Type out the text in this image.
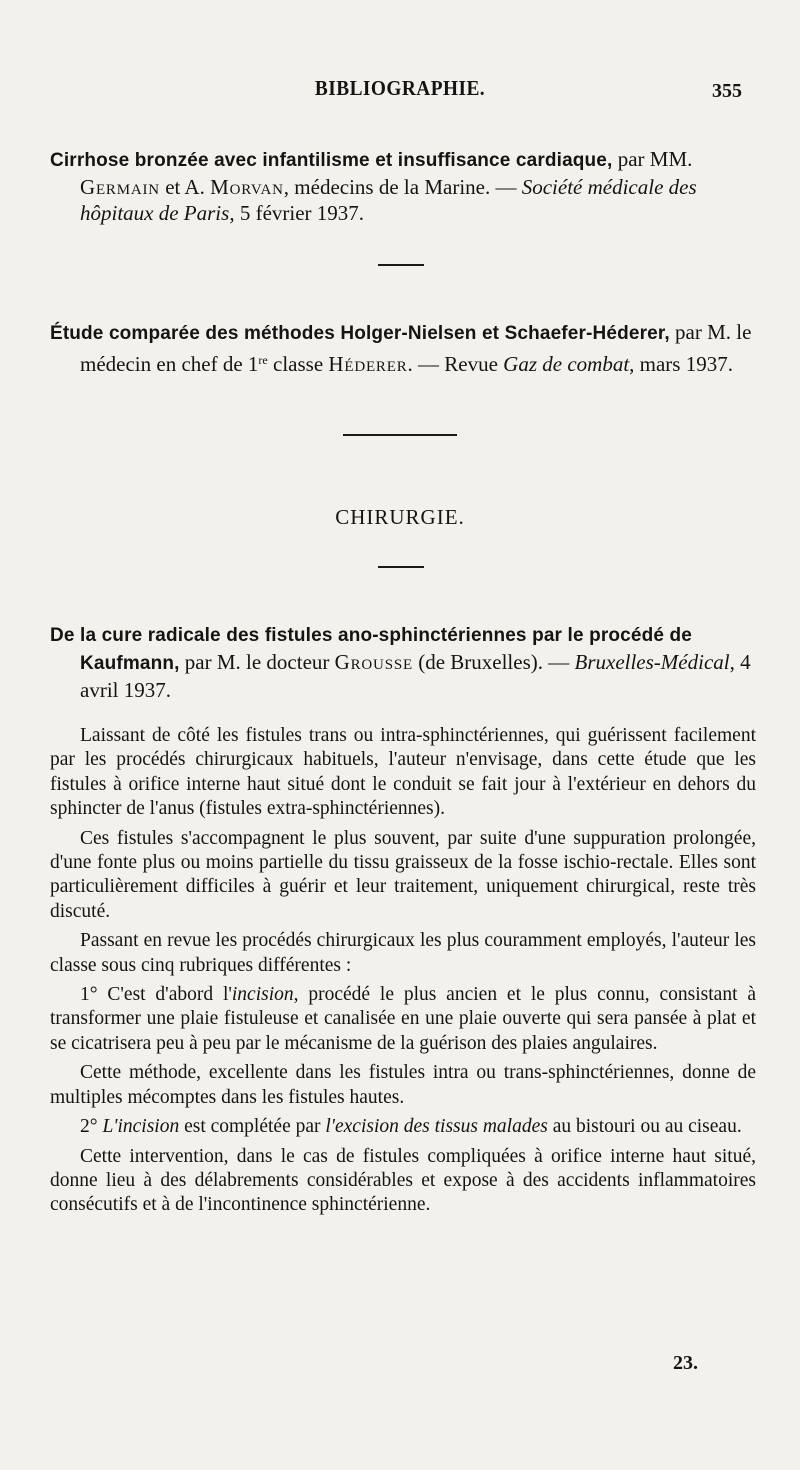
BIBLIOGRAPHIE.	355

Cirrhose bronzée avec infantilisme et insuffisance cardiaque, par MM. Germain et A. Morvan, médecins de la Marine. — Société médicale des hôpitaux de Paris, 5 février 1937.

Étude comparée des méthodes Holger-Nielsen et Schaefer-Héderer, par M. le médecin en chef de 1re classe Héderer. — Revue Gaz de combat, mars 1937.

CHIRURGIE.

De la cure radicale des fistules ano-sphinctériennes par le procédé de Kaufmann, par M. le docteur Grousse (de Bruxelles). — Bruxelles-Médical, 4 avril 1937.

Laissant de côté les fistules trans ou intra-sphinctériennes, qui guérissent facilement par les procédés chirurgicaux habituels, l'auteur n'envisage, dans cette étude que les fistules à orifice interne haut situé dont le conduit se fait jour à l'extérieur en dehors du sphincter de l'anus (fistules extra-sphinctériennes).

Ces fistules s'accompagnent le plus souvent, par suite d'une suppuration prolongée, d'une fonte plus ou moins partielle du tissu graisseux de la fosse ischio-rectale. Elles sont particulièrement difficiles à guérir et leur traitement, uniquement chirurgical, reste très discuté.

Passant en revue les procédés chirurgicaux les plus couramment employés, l'auteur les classe sous cinq rubriques différentes :

1° C'est d'abord l'incision, procédé le plus ancien et le plus connu, consistant à transformer une plaie fistuleuse et canalisée en une plaie ouverte qui sera pansée à plat et se cicatrisera peu à peu par le mécanisme de la guérison des plaies angulaires.

Cette méthode, excellente dans les fistules intra ou trans-sphinctériennes, donne de multiples mécomptes dans les fistules hautes.

2° L'incision est complétée par l'excision des tissus malades au bistouri ou au ciseau.

Cette intervention, dans le cas de fistules compliquées à orifice interne haut situé, donne lieu à des délabrements considérables et expose à des accidents inflammatoires consécutifs et à de l'incontinence sphinctérienne.

23.
